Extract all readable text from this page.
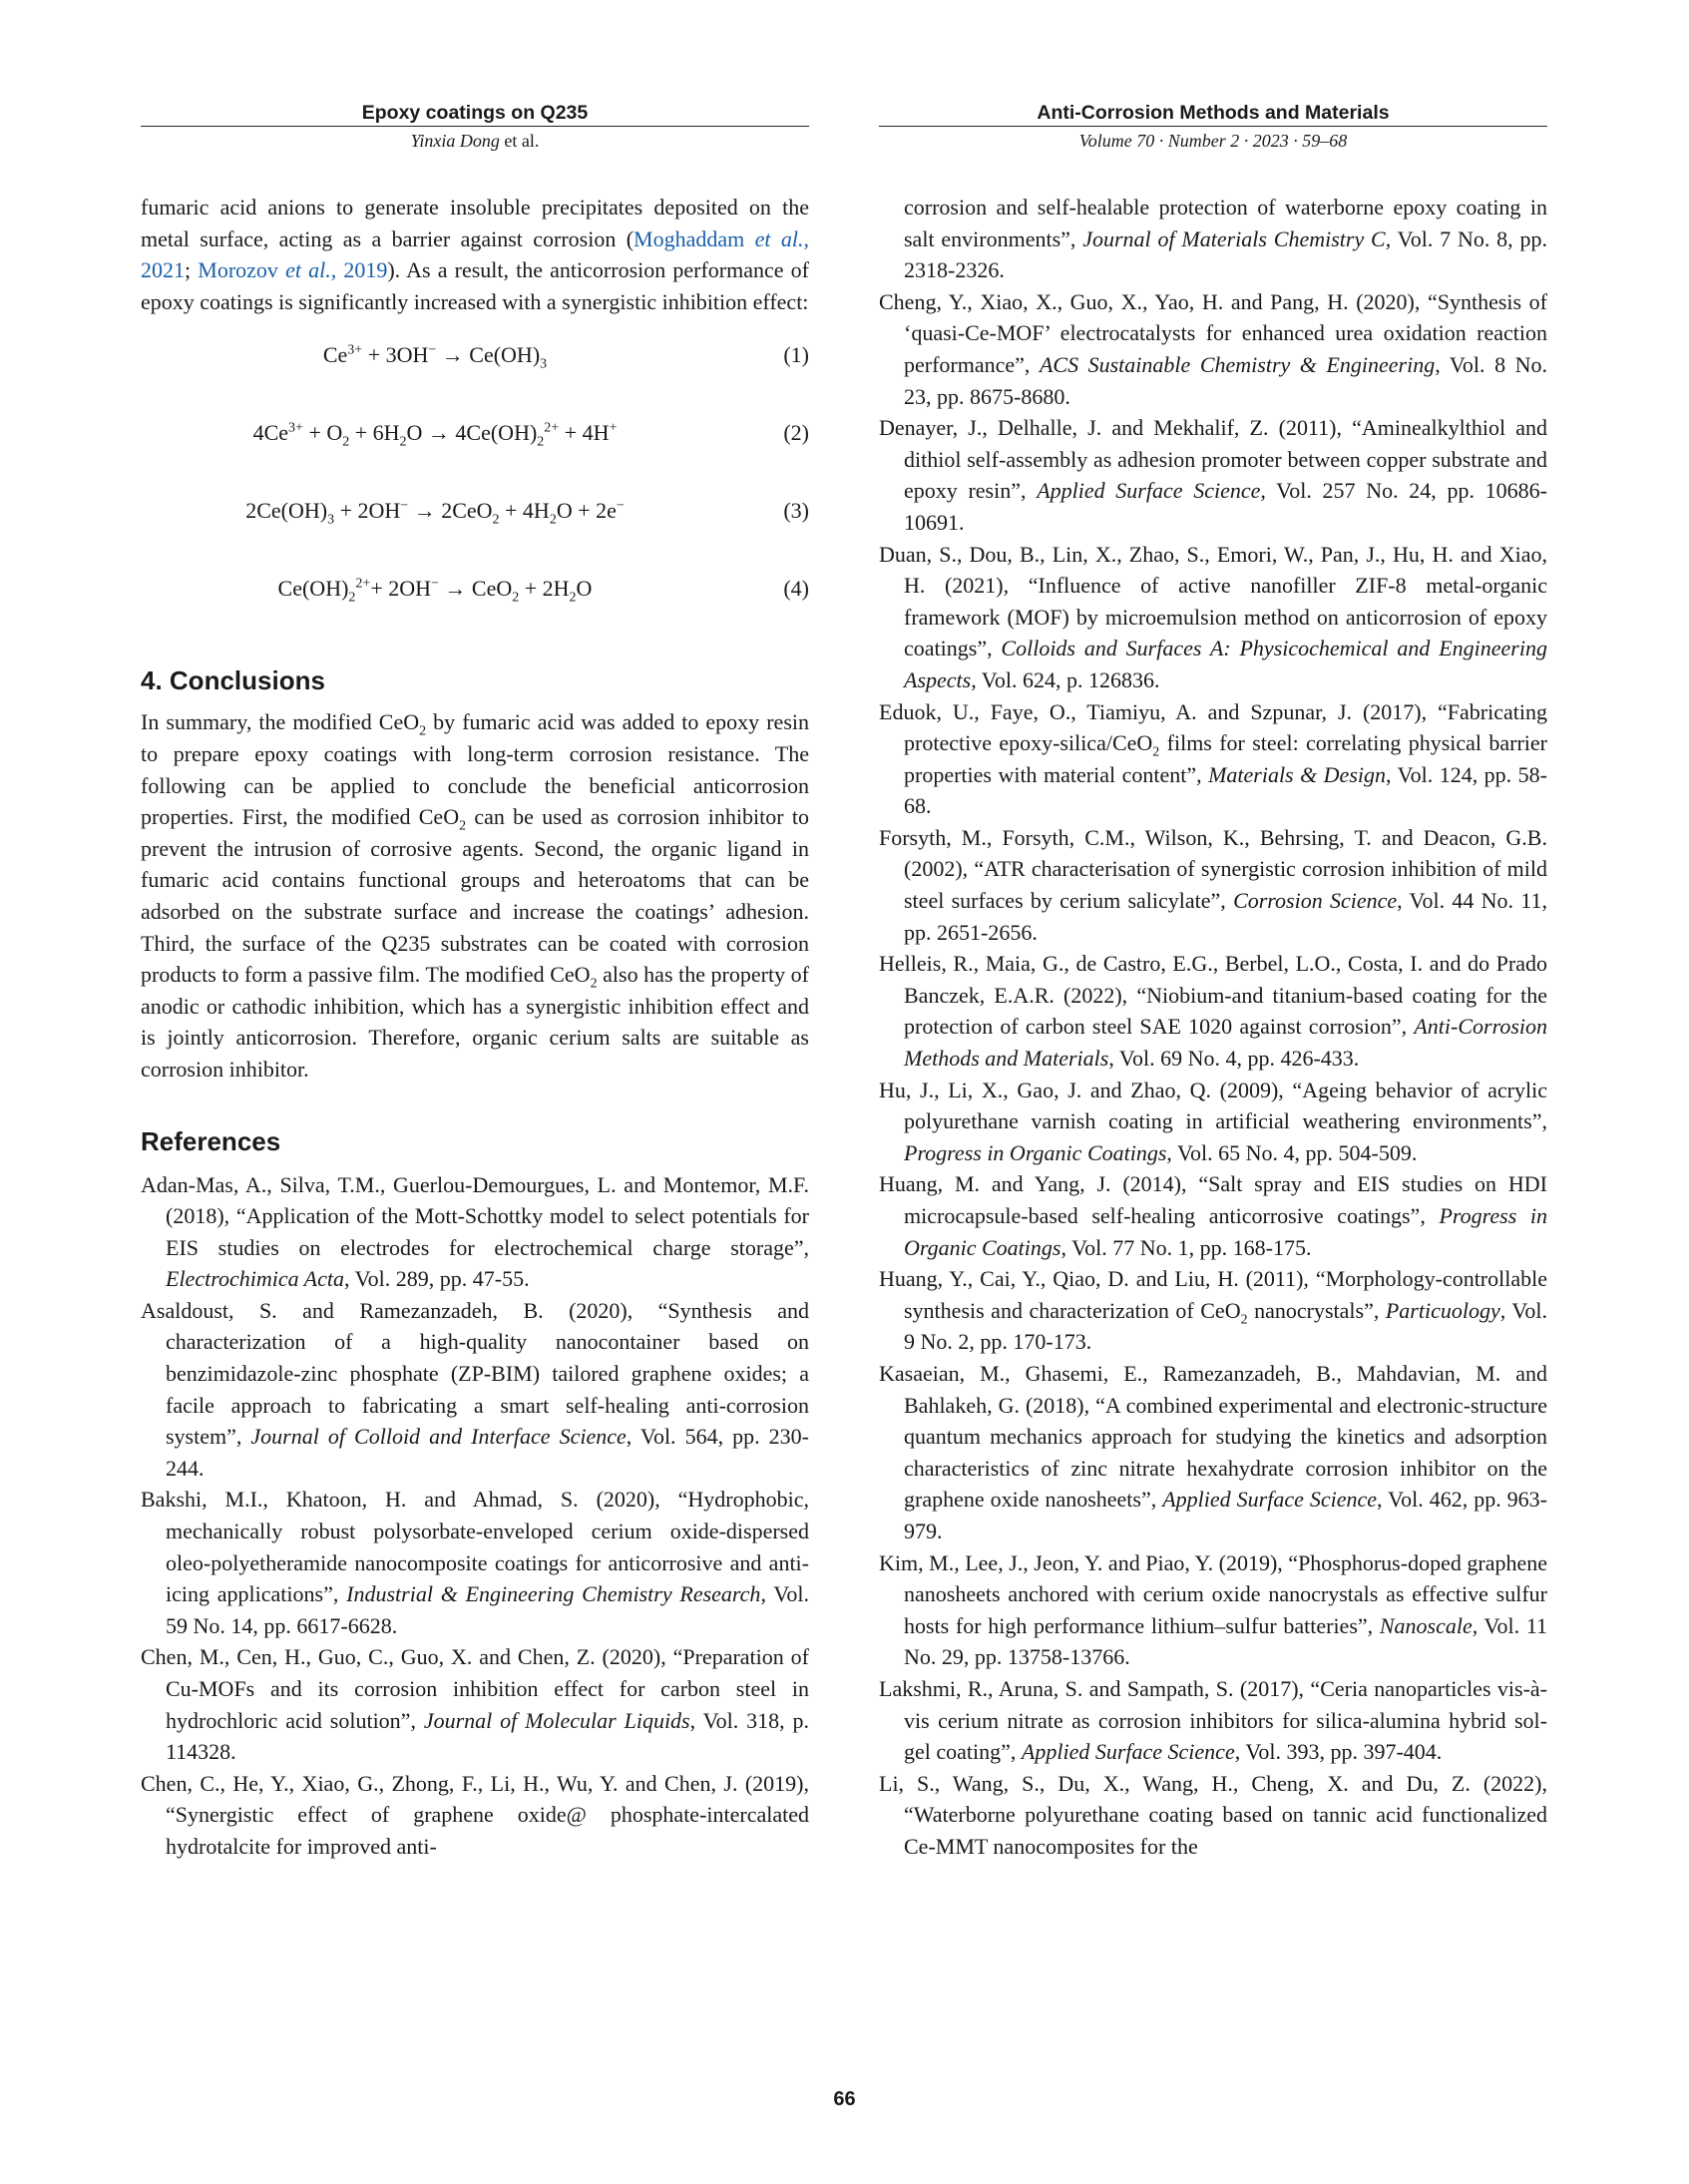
Epoxy coatings on Q235
Yinxia Dong et al.
Anti-Corrosion Methods and Materials
Volume 70 · Number 2 · 2023 · 59–68

fumaric acid anions to generate insoluble precipitates deposited on the metal surface, acting as a barrier against corrosion (Moghaddam et al., 2021; Morozov et al., 2019). As a result, the anticorrosion performance of epoxy coatings is significantly increased with a synergistic inhibition effect:

$Ce^{3+} + 3OH^- \to Ce(OH)_3$	(1)
$4Ce^{3+} + O_2 + 6H_2O \to 4Ce(OH)_2^{2+} + 4H^+$	(2)
$2Ce(OH)_3 + 2OH^- \to 2CeO_2 + 4H_2O + 2e^-$	(3)
$Ce(OH)_2^{2+}+ 2OH^- \to CeO_2 + 2H_2O$	(4)
4. Conclusions

In summary, the modified CeO$_2$ by fumaric acid was added to epoxy resin to prepare epoxy coatings with long-term corrosion resistance. The following can be applied to conclude the beneficial anticorrosion properties. First, the modified CeO$_2$ can be used as corrosion inhibitor to prevent the intrusion of corrosive agents. Second, the organic ligand in fumaric acid contains functional groups and heteroatoms that can be adsorbed on the substrate surface and increase the coatings’ adhesion. Third, the surface of the Q235 substrates can be coated with corrosion products to form a passive film. The modified CeO$_2$ also has the property of anodic or cathodic inhibition, which has a synergistic inhibition effect and is jointly anticorrosion. Therefore, organic cerium salts are suitable as corrosion inhibitor.

References

Adan-Mas, A., Silva, T.M., Guerlou-Demourgues, L. and Montemor, M.F. (2018), “Application of the Mott-Schottky model to select potentials for EIS studies on electrodes for electrochemical charge storage”, Electrochimica Acta, Vol. 289, pp. 47-55.

Asaldoust, S. and Ramezanzadeh, B. (2020), “Synthesis and characterization of a high-quality nanocontainer based on benzimidazole-zinc phosphate (ZP-BIM) tailored graphene oxides; a facile approach to fabricating a smart self-healing anti-corrosion system”, Journal of Colloid and Interface Science, Vol. 564, pp. 230-244.

Bakshi, M.I., Khatoon, H. and Ahmad, S. (2020), “Hydrophobic, mechanically robust polysorbate-enveloped cerium oxide-dispersed oleo-polyetheramide nanocomposite coatings for anticorrosive and anti-icing applications”, Industrial & Engineering Chemistry Research, Vol. 59 No. 14, pp. 6617-6628.

Chen, M., Cen, H., Guo, C., Guo, X. and Chen, Z. (2020), “Preparation of Cu-MOFs and its corrosion inhibition effect for carbon steel in hydrochloric acid solution”, Journal of Molecular Liquids, Vol. 318, p. 114328.

Chen, C., He, Y., Xiao, G., Zhong, F., Li, H., Wu, Y. and Chen, J. (2019), “Synergistic effect of graphene oxide@ phosphate-intercalated hydrotalcite for improved anti-

corrosion and self-healable protection of waterborne epoxy coating in salt environments”, Journal of Materials Chemistry C, Vol. 7 No. 8, pp. 2318-2326.

Cheng, Y., Xiao, X., Guo, X., Yao, H. and Pang, H. (2020), “Synthesis of ‘quasi-Ce-MOF’ electrocatalysts for enhanced urea oxidation reaction performance”, ACS Sustainable Chemistry & Engineering, Vol. 8 No. 23, pp. 8675-8680.

Denayer, J., Delhalle, J. and Mekhalif, Z. (2011), “Aminealkylthiol and dithiol self-assembly as adhesion promoter between copper substrate and epoxy resin”, Applied Surface Science, Vol. 257 No. 24, pp. 10686-10691.

Duan, S., Dou, B., Lin, X., Zhao, S., Emori, W., Pan, J., Hu, H. and Xiao, H. (2021), “Influence of active nanofiller ZIF-8 metal-organic framework (MOF) by microemulsion method on anticorrosion of epoxy coatings”, Colloids and Surfaces A: Physicochemical and Engineering Aspects, Vol. 624, p. 126836.

Eduok, U., Faye, O., Tiamiyu, A. and Szpunar, J. (2017), “Fabricating protective epoxy-silica/CeO$_2$ films for steel: correlating physical barrier properties with material content”, Materials & Design, Vol. 124, pp. 58-68.

Forsyth, M., Forsyth, C.M., Wilson, K., Behrsing, T. and Deacon, G.B. (2002), “ATR characterisation of synergistic corrosion inhibition of mild steel surfaces by cerium salicylate”, Corrosion Science, Vol. 44 No. 11, pp. 2651-2656.

Helleis, R., Maia, G., de Castro, E.G., Berbel, L.O., Costa, I. and do Prado Banczek, E.A.R. (2022), “Niobium-and titanium-based coating for the protection of carbon steel SAE 1020 against corrosion”, Anti-Corrosion Methods and Materials, Vol. 69 No. 4, pp. 426-433.

Hu, J., Li, X., Gao, J. and Zhao, Q. (2009), “Ageing behavior of acrylic polyurethane varnish coating in artificial weathering environments”, Progress in Organic Coatings, Vol. 65 No. 4, pp. 504-509.

Huang, M. and Yang, J. (2014), “Salt spray and EIS studies on HDI microcapsule-based self-healing anticorrosive coatings”, Progress in Organic Coatings, Vol. 77 No. 1, pp. 168-175.

Huang, Y., Cai, Y., Qiao, D. and Liu, H. (2011), “Morphology-controllable synthesis and characterization of CeO$_2$ nanocrystals”, Particuology, Vol. 9 No. 2, pp. 170-173.

Kasaeian, M., Ghasemi, E., Ramezanzadeh, B., Mahdavian, M. and Bahlakeh, G. (2018), “A combined experimental and electronic-structure quantum mechanics approach for studying the kinetics and adsorption characteristics of zinc nitrate hexahydrate corrosion inhibitor on the graphene oxide nanosheets”, Applied Surface Science, Vol. 462, pp. 963-979.

Kim, M., Lee, J., Jeon, Y. and Piao, Y. (2019), “Phosphorus-doped graphene nanosheets anchored with cerium oxide nanocrystals as effective sulfur hosts for high performance lithium–sulfur batteries”, Nanoscale, Vol. 11 No. 29, pp. 13758-13766.

Lakshmi, R., Aruna, S. and Sampath, S. (2017), “Ceria nanoparticles vis-à-vis cerium nitrate as corrosion inhibitors for silica-alumina hybrid sol-gel coating”, Applied Surface Science, Vol. 393, pp. 397-404.

Li, S., Wang, S., Du, X., Wang, H., Cheng, X. and Du, Z. (2022), “Waterborne polyurethane coating based on tannic acid functionalized Ce-MMT nanocomposites for the

66
